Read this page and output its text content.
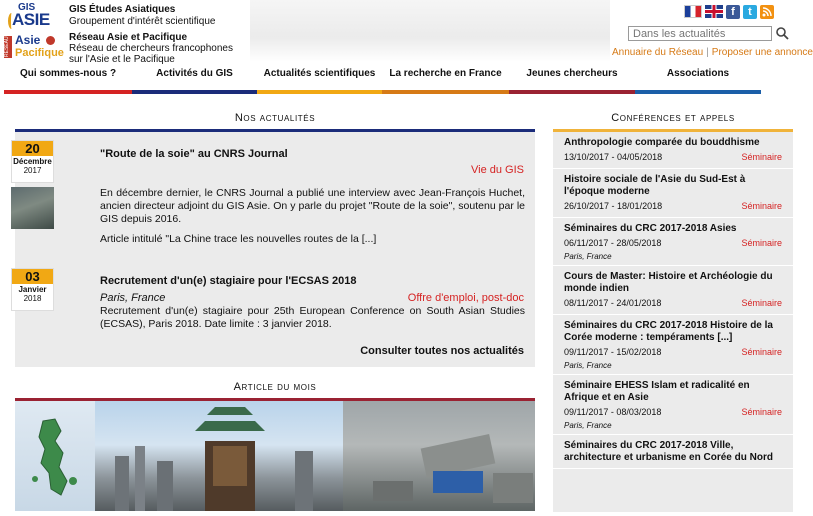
GIS
ASIE
RÉSEAU Asie
Pacifique
GIS Études Asiatiques
Groupement d'intérêt scientifique
Réseau Asie et Pacifique
Réseau de chercheurs francophones
sur l'Asie et le Pacifique
f	t
Dans les actualités
Annuaire du Réseau | Proposer une annonce
Qui sommes-nous ?	Activités du GIS	Actualités scientifiques	La recherche en France	Jeunes chercheurs	Associations
Nos actualités
20
Décembre
2017
"Route de la soie" au CNRS Journal
Vie du GIS
En décembre dernier, le CNRS Journal a publié une interview avec Jean-François Huchet, ancien directeur adjoint du GIS Asie. On y parle du projet "Route de la soie", soutenu par le GIS depuis 2016.
Article intitulé "La Chine trace les nouvelles routes de la [...]
03
Janvier
2018
Recrutement d'un(e) stagiaire pour l'ECSAS 2018
Paris, France	Offre d'emploi, post-doc
Recrutement d'un(e) stagiaire pour 25th European Conference on South Asian Studies (ECSAS), Paris 2018. Date limite : 3 janvier 2018.
Consulter toutes nos actualités
Article du mois
Conférences et appels
Anthropologie comparée du bouddhisme
13/10/2017 - 04/05/2018	Séminaire
Histoire sociale de l'Asie du Sud-Est à l'époque moderne
26/10/2017 - 18/01/2018	Séminaire
Séminaires du CRC 2017-2018 Asies
06/11/2017 - 28/05/2018	Séminaire
Paris, France
Cours de Master: Histoire et Archéologie du monde indien
08/11/2017 - 24/01/2018	Séminaire
Séminaires du CRC 2017-2018 Histoire de la Corée moderne : tempéraments [...]
09/11/2017 - 15/02/2018	Séminaire
Paris, France
Séminaire EHESS Islam et radicalité en Afrique et en Asie
09/11/2017 - 08/03/2018	Séminaire
Paris, France
Séminaires du CRC 2017-2018 Ville, architecture et urbanisme en Corée du Nord
